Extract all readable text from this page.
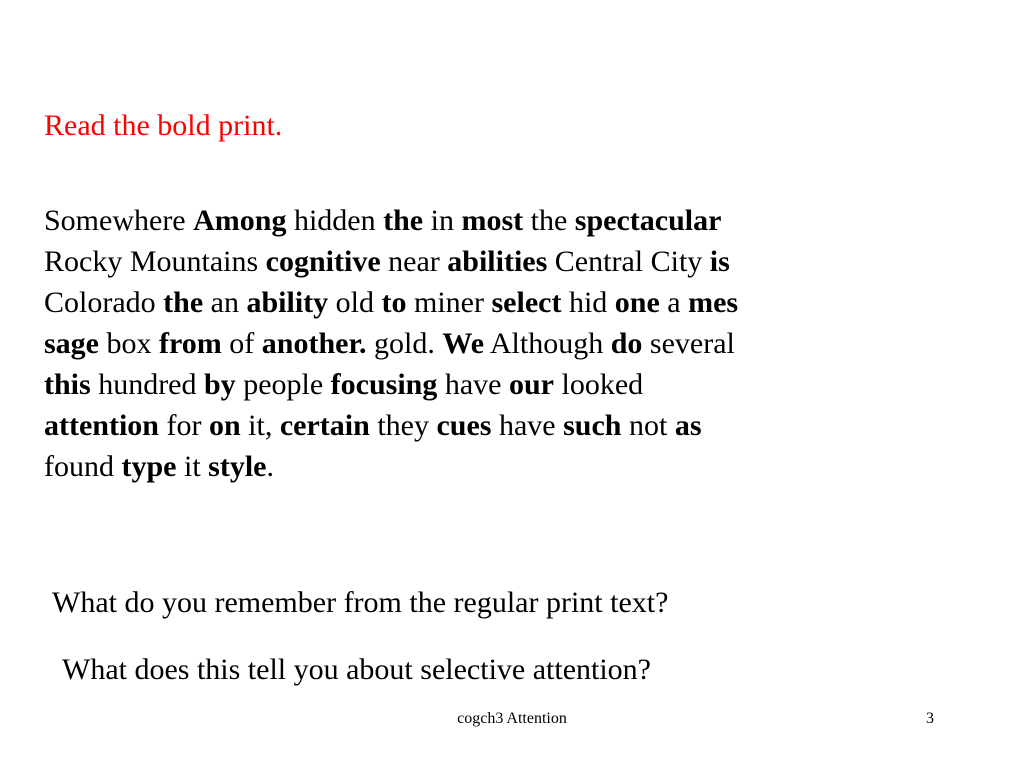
Read the bold print.

Somewhere Among hidden the in most the spectacular
Rocky Mountains cognitive near abilities Central City is
Colorado the an ability old to miner select hid one a mes
sage box from of another. gold. We Although do several
this hundred by people focusing have our looked
attention for on it, certain they cues have such not as
found type it style.

What do you remember from the regular print text?

What does this tell you about selective attention?

cogch3 Attention	3
